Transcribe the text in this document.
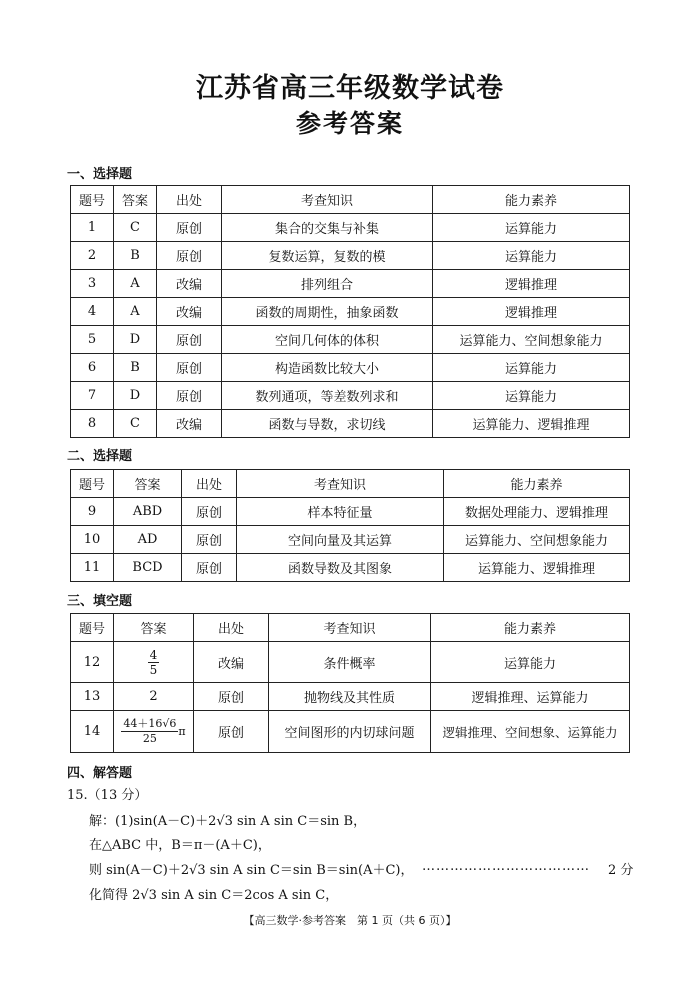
江苏省高三年级数学试卷
参考答案
一、选择题
题号	答案	出处	考查知识	能力素养
1	C	原创	集合的交集与补集	运算能力
2	B	原创	复数运算，复数的模	运算能力
3	A	改编	排列组合	逻辑推理
4	A	改编	函数的周期性，抽象函数	逻辑推理
5	D	原创	空间几何体的体积	运算能力、空间想象能力
6	B	原创	构造函数比较大小	运算能力
7	D	原创	数列通项，等差数列求和	运算能力
8	C	改编	函数与导数，求切线	运算能力、逻辑推理
二、选择题
题号	答案	出处	考查知识	能力素养
9	ABD	原创	样本特征量	数据处理能力、逻辑推理
10	AD	原创	空间向量及其运算	运算能力、空间想象能力
11	BCD	原创	函数导数及其图象	运算能力、逻辑推理
三、填空题
题号	答案	出处	考查知识	能力素养
12	$\frac{4}{5}$	改编	条件概率	运算能力
13	2	原创	抛物线及其性质	逻辑推理、运算能力
14	$\frac{44+16√6}{25}$ π	原创	空间图形的内切球问题	逻辑推理、空间想象、运算能力
四、解答题
15.（13 分）
解：(1)sin(A－C)＋2√3 sin A sin C＝sin B，
在△ABC 中，B＝π－(A＋C)，
则 sin(A－C)＋2√3 sin A sin C＝sin B＝sin(A＋C)， ……………………………… 2 分
化简得 2√3 sin A sin C＝2cos A sin C，
【高三数学·参考答案　第 1 页（共 6 页）】
